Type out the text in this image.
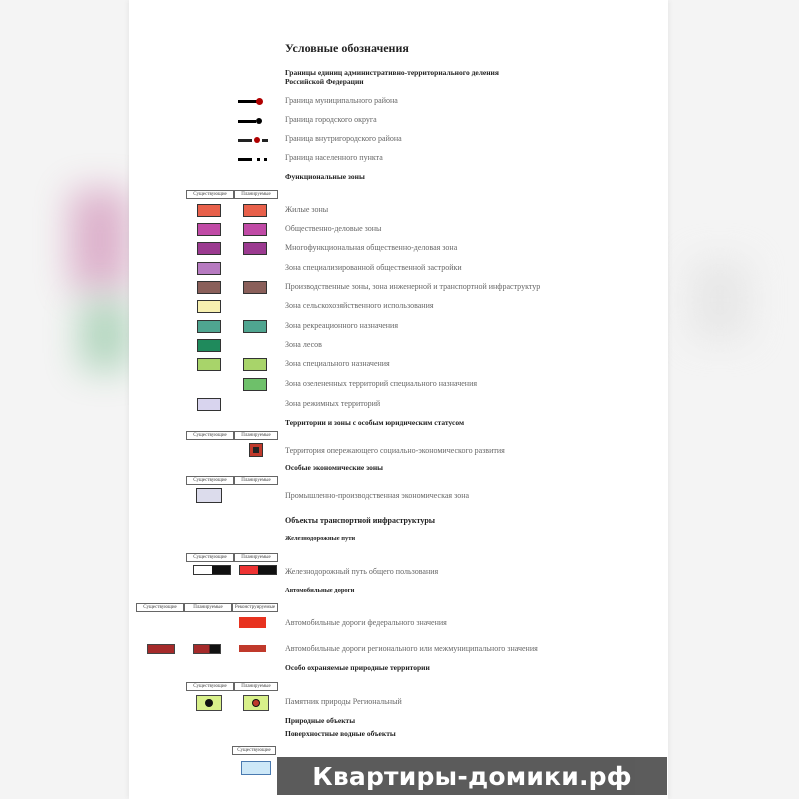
Условные обозначения
Границы единиц административно-территориального деления Российской Федерации
Граница муниципального района
Граница городского округа
Граница внутригородского района
Граница населенного пункта
Функциональные зоны
Существующие	Планируемые
Жилые зоны
Общественно-деловые зоны
Многофункциональная общественно-деловая зона
Зона специализированной общественной застройки
Производственные зоны, зона инженерной и транспортной инфраструктур
Зона сельскохозяйственного использования
Зона рекреационного назначения
Зона лесов
Зона специального назначения
Зона озелененных территорий специального назначения
Зона режимных территорий
Территории и зоны с особым юридическим статусом
Существующие	Планируемые
Территория опережающего социально-экономического развития
Особые экономические зоны
Существующие	Планируемые
Промышленно-производственная экономическая зона
Объекты транспортной инфраструктуры
Железнодорожные пути
Существующие	Планируемые
Железнодорожный путь общего пользования
Автомобильные дороги
Существующие	Планируемые	Реконструируемые
Автомобильные дороги федерального значения
Автомобильные дороги регионального или межмуниципального значения
Особо охраняемые природные территории
Существующие	Планируемые
Памятник природы Региональный
Природные объекты
Поверхностные водные объекты
Существующие
Квартиры-домики.рф
